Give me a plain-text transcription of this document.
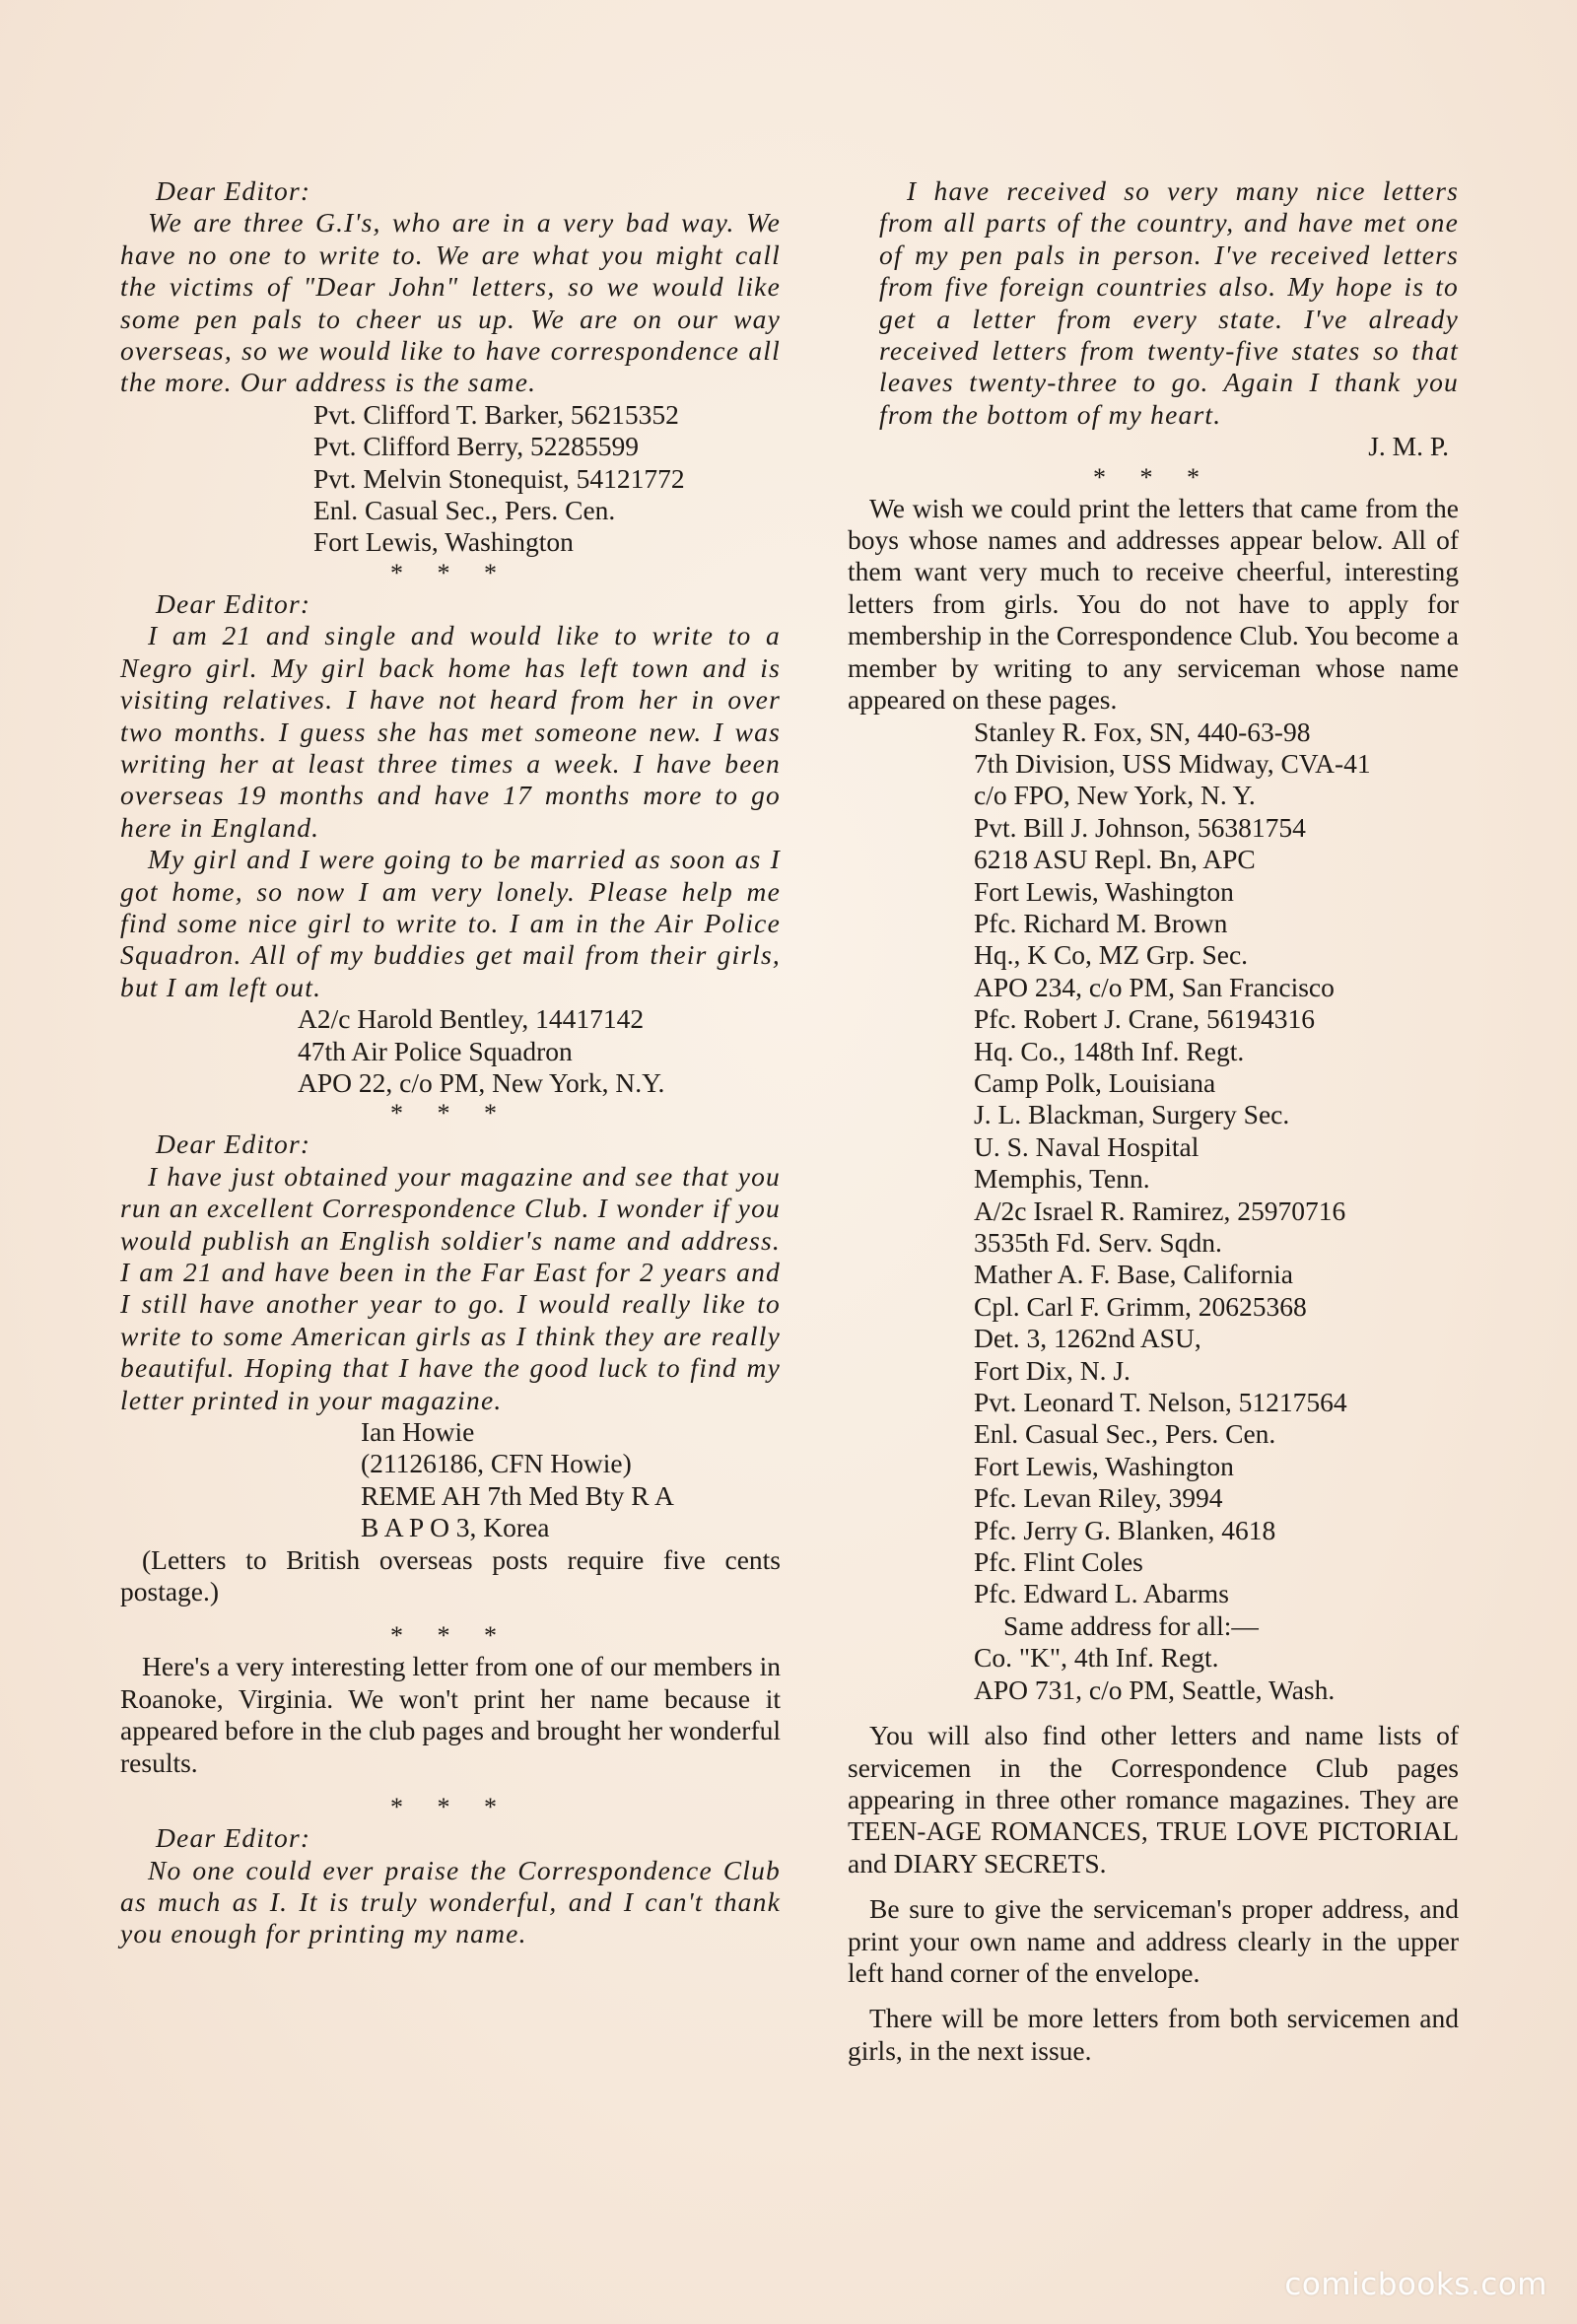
Dear Editor:

We are three G.I's, who are in a very bad way. We have no one to write to. We are what you might call the victims of "Dear John" letters, so we would like some pen pals to cheer us up. We are on our way overseas, so we would like to have correspondence all the more. Our address is the same.

Pvt. Clifford T. Barker, 56215352

Pvt. Clifford Berry, 52285599

Pvt. Melvin Stonequist, 54121772

Enl. Casual Sec., Pers. Cen.

Fort Lewis, Washington

* * *

Dear Editor:

I am 21 and single and would like to write to a Negro girl. My girl back home has left town and is visiting relatives. I have not heard from her in over two months. I guess she has met someone new. I was writing her at least three times a week. I have been overseas 19 months and have 17 months more to go here in England.

My girl and I were going to be married as soon as I got home, so now I am very lonely. Please help me find some nice girl to write to. I am in the Air Police Squadron. All of my buddies get mail from their girls, but I am left out.

A2/c Harold Bentley, 14417142

47th Air Police Squadron

APO 22, c/o PM, New York, N.Y.

* * *

Dear Editor:

I have just obtained your magazine and see that you run an excellent Correspondence Club. I wonder if you would publish an English soldier's name and address. I am 21 and have been in the Far East for 2 years and I still have another year to go. I would really like to write to some American girls as I think they are really beautiful. Hoping that I have the good luck to find my letter printed in your magazine.

Ian Howie

(21126186, CFN Howie)

REME AH 7th Med Bty R A

B A P O 3, Korea

(Letters to British overseas posts require five cents postage.)

* * *

Here's a very interesting letter from one of our members in Roanoke, Virginia. We won't print her name because it appeared before in the club pages and brought her wonderful results.

* * *

Dear Editor:

No one could ever praise the Correspondence Club as much as I. It is truly wonderful, and I can't thank you enough for printing my name.

I have received so very many nice letters from all parts of the country, and have met one of my pen pals in person. I've received letters from five foreign countries also. My hope is to get a letter from every state. I've already received letters from twenty-five states so that leaves twenty-three to go. Again I thank you from the bottom of my heart.

J. M. P.

* * *

We wish we could print the letters that came from the boys whose names and addresses appear below. All of them want very much to receive cheerful, interesting letters from girls. You do not have to apply for membership in the Correspondence Club. You become a member by writing to any serviceman whose name appeared on these pages.

Stanley R. Fox, SN, 440-63-98

7th Division, USS Midway, CVA-41

c/o FPO, New York, N. Y.

Pvt. Bill J. Johnson, 56381754

6218 ASU Repl. Bn, APC

Fort Lewis, Washington

Pfc. Richard M. Brown

Hq., K Co, MZ Grp. Sec.

APO 234, c/o PM, San Francisco

Pfc. Robert J. Crane, 56194316

Hq. Co., 148th Inf. Regt.

Camp Polk, Louisiana

J. L. Blackman, Surgery Sec.

U. S. Naval Hospital

Memphis, Tenn.

A/2c Israel R. Ramirez, 25970716

3535th Fd. Serv. Sqdn.

Mather A. F. Base, California

Cpl. Carl F. Grimm, 20625368

Det. 3, 1262nd ASU,

Fort Dix, N. J.

Pvt. Leonard T. Nelson, 51217564

Enl. Casual Sec., Pers. Cen.

Fort Lewis, Washington

Pfc. Levan Riley, 3994

Pfc. Jerry G. Blanken, 4618

Pfc. Flint Coles

Pfc. Edward L. Abarms

Same address for all:—

Co. "K", 4th Inf. Regt.

APO 731, c/o PM, Seattle, Wash.

You will also find other letters and name lists of servicemen in the Correspondence Club pages appearing in three other romance magazines. They are TEEN-AGE ROMANCES, TRUE LOVE PICTORIAL and DIARY SECRETS.

Be sure to give the serviceman's proper address, and print your own name and address clearly in the upper left hand corner of the envelope.

There will be more letters from both servicemen and girls, in the next issue.

comicbooks.com
